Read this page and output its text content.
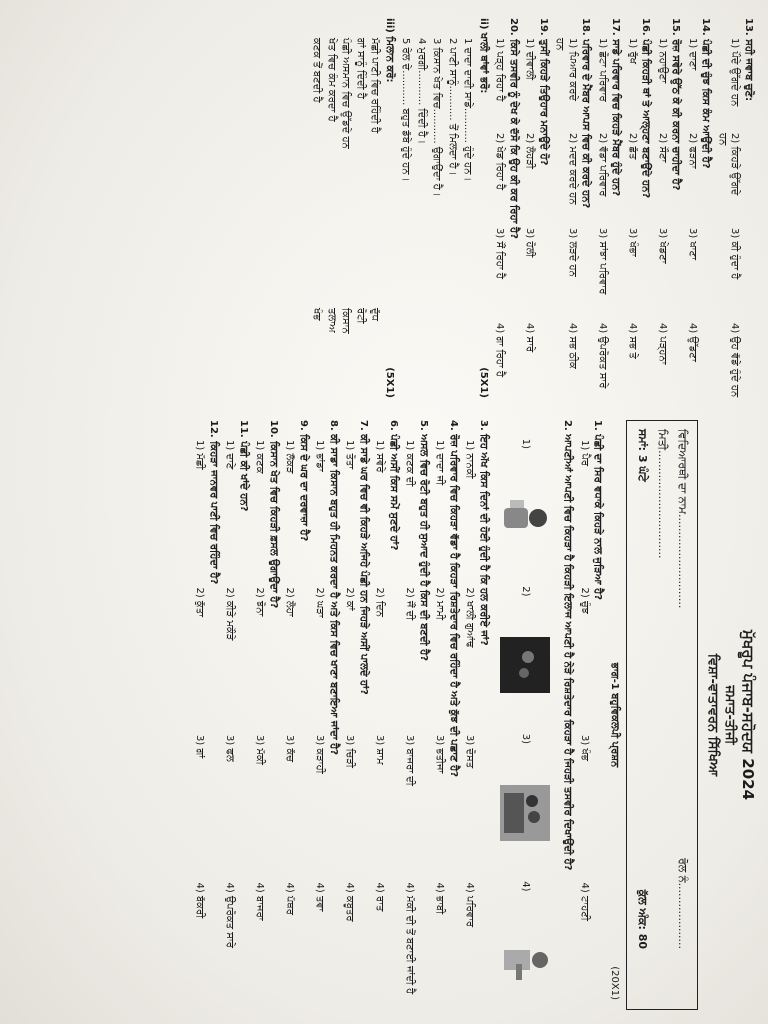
ਮੁੱਖਰੂਪ ਪੰਜਾਬ-ਸਹੋਦਯ 2024
ਜਮਾਤ-ਤੀਜੀ
ਵਿਸ਼ਾ-ਵਾਤਾਵਰਨ ਸਿੱਖਿਆ
ਵਿਦਿਆਰਥੀ ਦਾ ਨਾਮ...........................
ਰੋਲ ਨੰ...................
ਮਿਤੀ...............................
ਸਮਾਂ: 3 ਘੰਟੇ
ਕੁੱਲ ਅੰਕ: 80
ਭਾਗ-1 ਬਹੁਵਿਕਲਪੀ ਪ੍ਰਸ਼ਨ
(20X1)
1. ਪੰਛੀ ਦਾ ਸਿਰ ਵਧਾਕੇ ਕਿਹੜੇ ਨਾਲ ਜੁੜਿਆ ਹੈ?
1) ਪੈਰ
2) ਚੁੰਝ
3) ਖੰਭ
4) ਟਾਹਣੀ
2. ਆਪਣੀਆਂ ਆਪਣੀ ਵਿਚ ਕਿਹੜਾ ਹੈ ਕਿਹੜੀ ਇਲਾਜ ਆਪਣੀ ਹੈ ਨੇੜੇ ਰਿਸ਼ਤੇਦਾਰ ਕਿਹੜਾ ਹੈ ਜਿਹੜੀ ਤਸਵੀਰ ਦਿਖਾਉਂਦੀ ਹੈ?
1)
2)
3)
4)
3. ਇਹ ਅੱਖ ਕਿਸ ਦਿਨਾਂ ਦੀ ਹੋਈ ਹੁੰਦੀ ਹੈ ਕਿ ਹਲ ਕਰੀਏ ਜਾਂ?
1) ਨਾਨਕੀ
2) ਖਾਲੀ ਗੁਆਂਢ
3) ਦੋਸਤ
4) ਪਰਿਵਾਰ
4. ਰੋਜ਼ ਪਰਿਵਾਰ ਵਿਚ ਕਿਹੜਾ ਵੱਡਾ ਹੈ ਕਿਹੜਾ ਰਿਸ਼ਤੇਦਾਰ ਵਿਚ ਰਹਿੰਦਾ ਹੈ ਅਤੇ ਕੁੱਝ ਦੀ ਪਛਾਣ ਹੈ?
1) ਦਾਦਾ ਜੀ
2) ਮਾਮੀ
3) ਭਤੀਜਾ
4) ਭਾਬੀ
5. ਅਸਲ ਵਿਚ ਰੋਟੀ ਬਹੁਤ ਹੀ ਸੁਆਦ ਹੁੰਦੀ ਹੈ ਕਿਸ ਦੀ ਬਣਦੀ ਹੈ?
1) ਕਣਕ ਦੀ
2) ਜੌਂ ਦੀ
3) ਬਾਜਰਾ ਦੀ
4) ਮੱਕੀ ਦੀ ਤੋਂ ਬਣਾਈ ਜਾਂਦੀ ਹੈ
6. ਪੰਛੀ ਅਸੀਂ ਕਿਸ ਸਮੇਂ ਸੁਣਦੇ ਹਾਂ?
1) ਸਵੇਰੇ
2) ਦਿਨ
3) ਸ਼ਾਮ
4) ਰਾਤ
7. ਕੀ ਸਾਡੇ ਘਰ ਵਿਚ ਵੀ ਕਿਹੜੇ ਅਜਿਹੇ ਪੰਛੀ ਹਨ ਜਿਹੜੇ ਅਸੀਂ ਪਾਲਦੇ ਹਾਂ?
1) ਤੋਤਾ
2) ਕਾਂ
3) ਚਿੜੀ
4) ਕਬੂਤਰ
8. ਕੀ ਸਾਡਾ ਕਿਸਾਨ ਬਹੁਤ ਹੀ ਮਿਹਨਤ ਕਰਦਾ ਹੈ ਅਤੇ ਕਿਸ ਵਿਚ ਖਾਣਾ ਬਣਾਇਆ ਜਾਂਦਾ ਹੈ?
1) ਭਾਂਡਾ
2) ਘੜਾ
3) ਕੜਾਹੀ
4) ਤਵਾ
9. ਕਿਸ ਦੇ ਘਰ ਦਾ ਦਰਵਾਜ਼ਾ ਹੈ?
1) ਲੱਕੜ
2) ਲੋਹਾ
3) ਕੱਚ
4) ਪੱਥਰ
10. ਕਿਸਾਨ ਖੇਤ ਵਿਚ ਕਿਹੜੀ ਫ਼ਸਲ ਉਗਾਉਂਦਾ ਹੈ?
1) ਕਣਕ
2) ਝੋਨਾ
3) ਮੱਕੀ
4) ਬਾਜਰਾ
11. ਪੰਛੀ ਕੀ ਖਾਂਦੇ ਹਨ?
1) ਦਾਣੇ
2) ਕੀੜੇ ਮਕੌੜੇ
3) ਫਲ
4) ਉਪਰੋਕਤ ਸਾਰੇ
12. ਕਿਹੜਾ ਜਾਨਵਰ ਪਾਣੀ ਵਿਚ ਰਹਿੰਦਾ ਹੈ?
1) ਮੱਛੀ
2) ਕੁੱਤਾ
3) ਗਾਂ
4) ਬੱਕਰੀ
13. ਸਹੀ ਜਵਾਬ ਚੁਣੋ:
1) ਪੌਦੇ ਉੱਗਦੇ ਹਨ
2) ਕਿਹੜੇ ਉੱਗਦੇ ਹਨ
3) ਕੀ ਹੁੰਦਾ ਹੈ
4) ਉਹ ਵੱਡੇ ਹੁੰਦੇ ਹਨ
14. ਪੰਛੀ ਦੀ ਚੁੰਝ ਕਿਸ ਕੰਮ ਆਉਂਦੀ ਹੈ?
1) ਦਾਣਾ
2) ਫੜਨਾ
3) ਖਾਣਾ
4) ਉੱਡਣਾ
15. ਰੋਜ਼ ਸਵੇਰੇ ਉੱਠ ਕੇ ਕੀ ਕਰਨਾ ਚਾਹੀਦਾ ਹੈ?
1) ਨਹਾਉਣਾ
2) ਸੌਣਾ
3) ਖੇਡਣਾ
4) ਪੜ੍ਹਨਾ
16. ਪੰਛੀ ਕਿਹੜੀ ਥਾਂ ਤੇ ਆਲ੍ਹਣਾ ਬਣਾਉਂਦੇ ਹਨ?
1) ਰੁੱਖ
2) ਛੱਤ
3) ਖੰਭਾ
4) ਸਭ ਤੇ
17. ਸਾਡੇ ਪਰਿਵਾਰ ਵਿਚ ਕਿਹੜੇ ਮੈਂਬਰ ਹੁੰਦੇ ਹਨ?
1) ਛੋਟਾ ਪਰਿਵਾਰ
2) ਵੱਡਾ ਪਰਿਵਾਰ
3) ਸਾਂਝਾ ਪਰਿਵਾਰ
4) ਉਪਰੋਕਤ ਸਾਰੇ
18. ਪਰਿਵਾਰ ਦੇ ਮੈਂਬਰ ਆਪਸ ਵਿਚ ਕੀ ਕਰਦੇ ਹਨ?
1) ਪਿਆਰ ਕਰਦੇ ਹਨ
2) ਮਦਦ ਕਰਦੇ ਹਨ
3) ਲੜਦੇ ਹਨ
4) ਸਭ ਠੀਕ
19. ਤੁਸੀਂ ਕਿਹੜੇ ਤਿਉਹਾਰ ਮਨਾਉਂਦੇ ਹੋ?
1) ਦੀਵਾਲੀ
2) ਲੋਹੜੀ
3) ਹੋਲੀ
4) ਸਾਰੇ
20. ਕਿਸੇ ਤਸਵੀਰ ਨੂੰ ਦੇਖ ਕੇ ਦੱਸੋ ਕਿ ਉਹ ਕੀ ਕਰ ਰਿਹਾ ਹੈ?
1) ਪੜ੍ਹ ਰਿਹਾ ਹੈ
2) ਖੇਡ ਰਿਹਾ ਹੈ
3) ਸੌਂ ਰਿਹਾ ਹੈ
4) ਗਾ ਰਿਹਾ ਹੈ
ii) ਖਾਲੀ ਥਾਂਵਾਂ ਭਰੋ:
(5X1)
1 ਦਾਦਾ ਦਾਦੀ ਸਾਡੇ........... ਹੁੰਦੇ ਹਨ।
2 ਪਾਣੀ ਸਾਨੂੰ........... ਤੋਂ ਮਿਲਦਾ ਹੈ।
3 ਕਿਸਾਨ ਖੇਤ ਵਿਚ........... ਉਗਾਉਂਦਾ ਹੈ।
4 ਮੁਰਗੀ........... ਦਿੰਦੀ ਹੈ।
5 ਰੇਲ ਦੇ........... ਬਹੁਤ ਡੱਬੇ ਹੁੰਦੇ ਹਨ।
iii) ਮਿਲਾਨ ਕਰੋ:
(5X1)
ਮੱਛੀ ਪਾਣੀ ਵਿਚ ਰਹਿੰਦੀ ਹੈ
ਦੁੱਧ
ਗਾਂ ਸਾਨੂੰ ਦਿੰਦੀ ਹੈ
ਰੋਟੀ
ਪੰਛੀ ਅਸਮਾਨ ਵਿਚ ਉੱਡਦੇ ਹਨ
ਕਿਸਾਨ
ਖੇਤ ਵਿਚ ਕੰਮ ਕਰਦਾ ਹੈ
ਤਲਾਅ
ਕਣਕ ਤੋਂ ਬਣਦੀ ਹੈ
ਖੰਭ
